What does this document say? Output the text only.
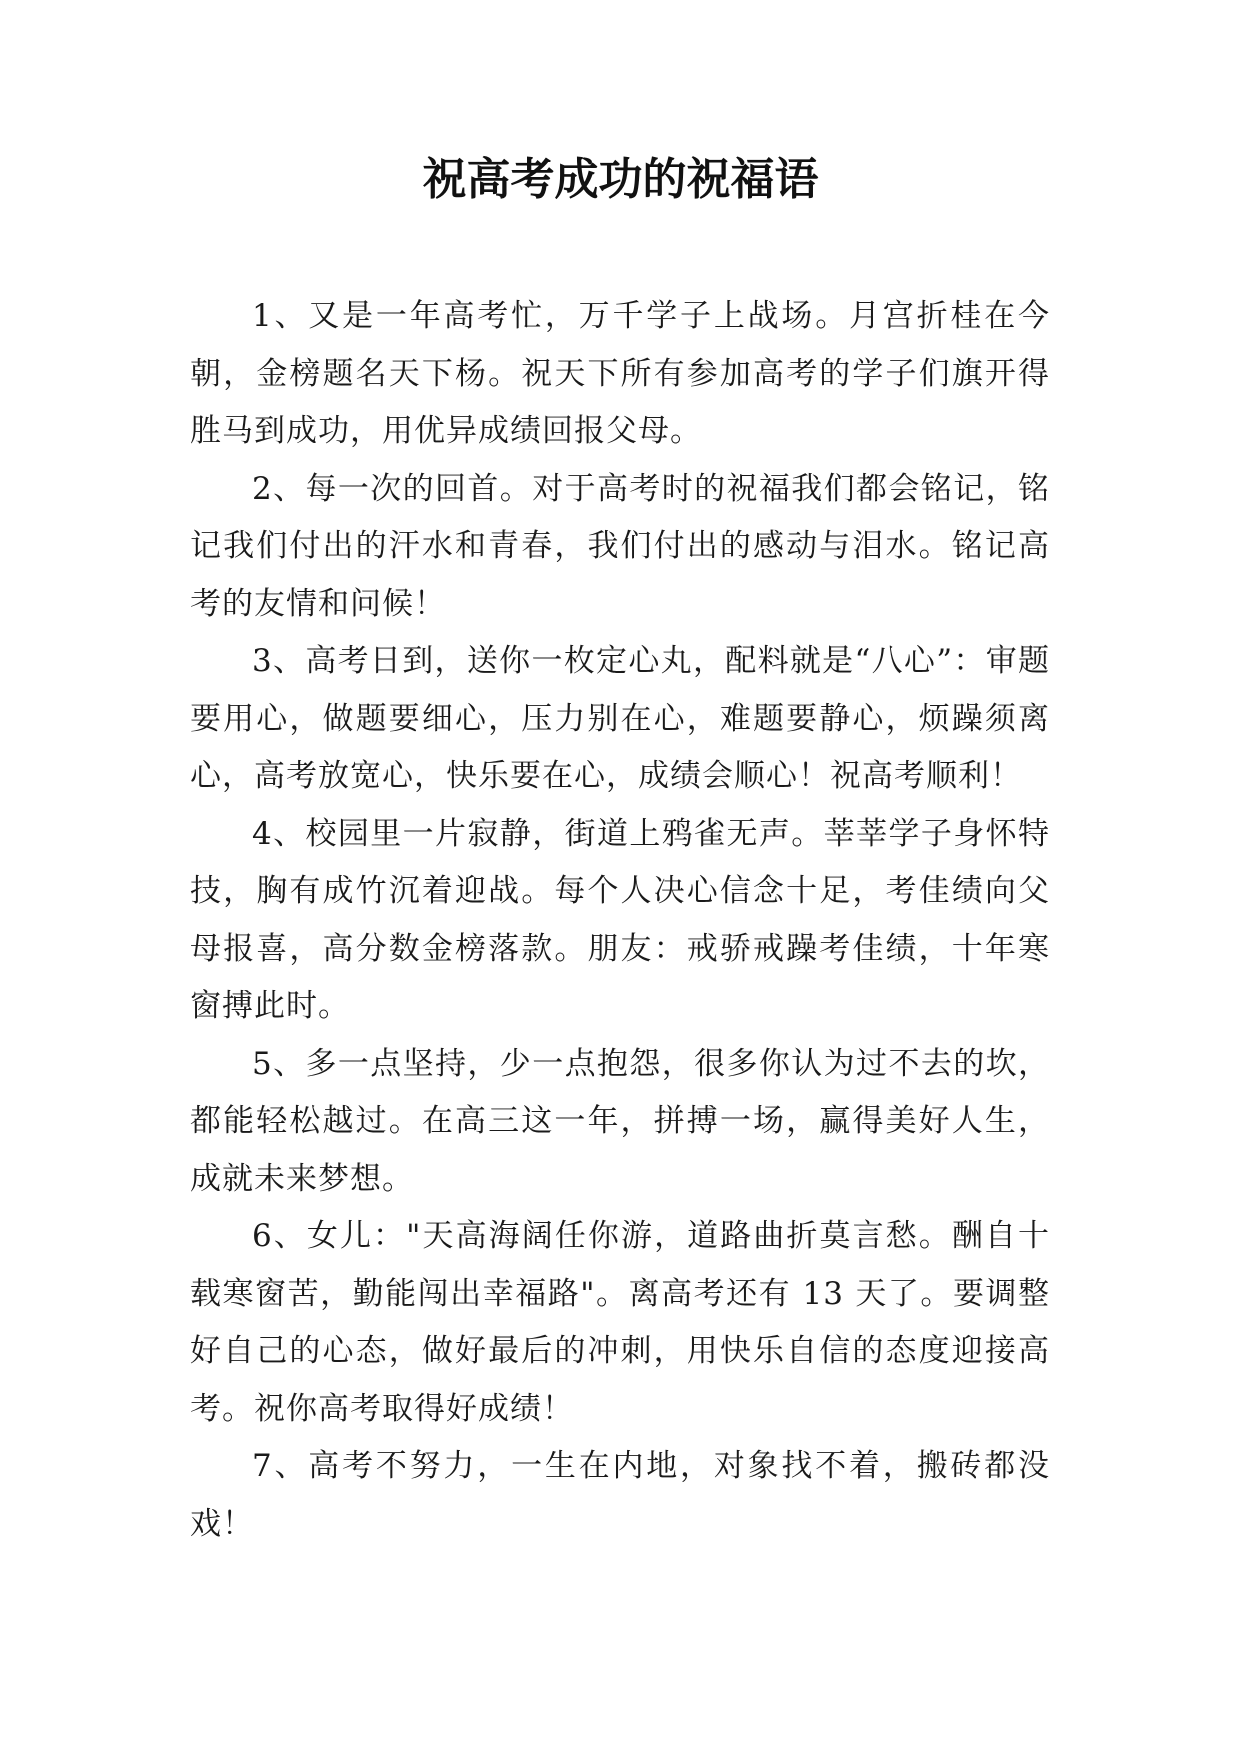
祝高考成功的祝福语

1、又是一年高考忙，万千学子上战场。月宫折桂在今朝，金榜题名天下杨。祝天下所有参加高考的学子们旗开得胜马到成功，用优异成绩回报父母。

2、每一次的回首。对于高考时的祝福我们都会铭记，铭记我们付出的汗水和青春，我们付出的感动与泪水。铭记高考的友情和问候！

3、高考日到，送你一枚定心丸，配料就是“八心”：审题要用心，做题要细心，压力别在心，难题要静心，烦躁须离心，高考放宽心，快乐要在心，成绩会顺心！祝高考顺利！

4、校园里一片寂静，街道上鸦雀无声。莘莘学子身怀特技，胸有成竹沉着迎战。每个人决心信念十足，考佳绩向父母报喜，高分数金榜落款。朋友：戒骄戒躁考佳绩，十年寒窗搏此时。

5、多一点坚持，少一点抱怨，很多你认为过不去的坎，都能轻松越过。在高三这一年，拼搏一场，赢得美好人生，成就未来梦想。

6、女儿："天高海阔任你游，道路曲折莫言愁。酬自十载寒窗苦，勤能闯出幸福路"。离高考还有 13 天了。要调整好自己的心态，做好最后的冲刺，用快乐自信的态度迎接高考。祝你高考取得好成绩！

7、高考不努力，一生在内地，对象找不着，搬砖都没戏！
